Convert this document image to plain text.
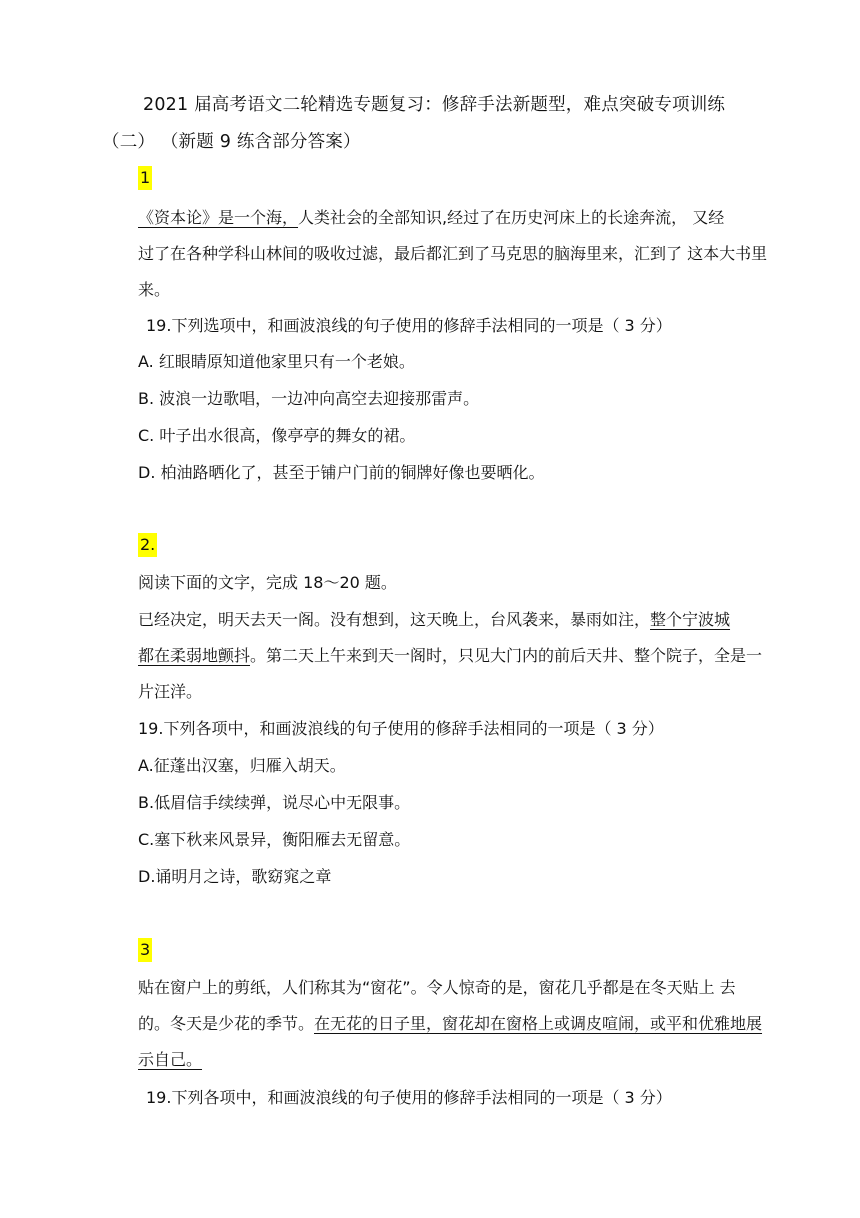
2021 届高考语文二轮精选专题复习：修辞手法新题型，难点突破专项训练
（二） （新题 9 练含部分答案）
1
《资本论》是一个海，人类社会的全部知识,经过了在历史河床上的长途奔流， 又经
过了在各种学科山林间的吸收过滤，最后都汇到了马克思的脑海里来，汇到了 这本大书里
来。
19.下列选项中，和画波浪线的句子使用的修辞手法相同的一项是（ 3 分）
A. 红眼睛原知道他家里只有一个老娘。
B. 波浪一边歌唱，一边冲向高空去迎接那雷声。
C. 叶子出水很高，像亭亭的舞女的裙。
D. 柏油路晒化了，甚至于铺户门前的铜牌好像也要晒化。
2.
阅读下面的文字，完成 18～20 题。
已经决定，明天去天一阁。没有想到，这天晚上，台风袭来，暴雨如注，整个宁波城
都在柔弱地颤抖。第二天上午来到天一阁时，只见大门内的前后天井、整个院子，全是一
片汪洋。
19.下列各项中，和画波浪线的句子使用的修辞手法相同的一项是（ 3 分）
A.征蓬出汉塞，归雁入胡天。
B.低眉信手续续弹，说尽心中无限事。
C.塞下秋来风景异，衡阳雁去无留意。
D.诵明月之诗，歌窈窕之章
3
贴在窗户上的剪纸，人们称其为“窗花”。令人惊奇的是，窗花几乎都是在冬天贴上 去
的。冬天是少花的季节。在无花的日子里，窗花却在窗格上或调皮喧闹，或平和优雅地展
示自己。
19.下列各项中，和画波浪线的句子使用的修辞手法相同的一项是（ 3 分）
